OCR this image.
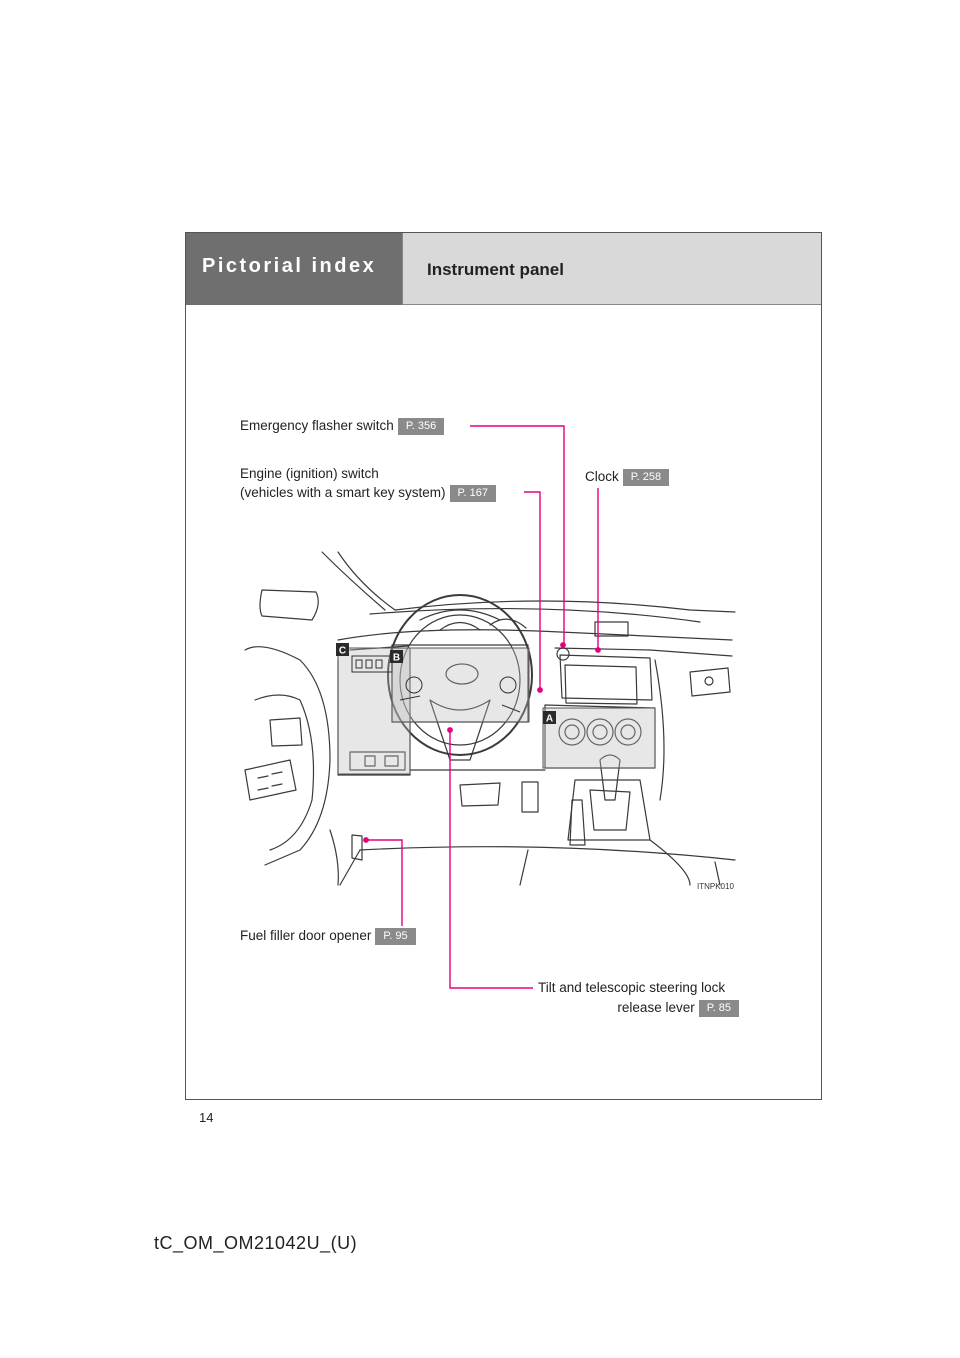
Pictorial index	Instrument panel
C
B
A
ITNPK010
Emergency flasher switch P. 356
Engine (ignition) switch
(vehicles with a smart key system) P. 167
Clock P. 258
Fuel filler door opener P. 95
Tilt and telescopic steering lock
release lever P. 85
14
tC_OM_OM21042U_(U)
